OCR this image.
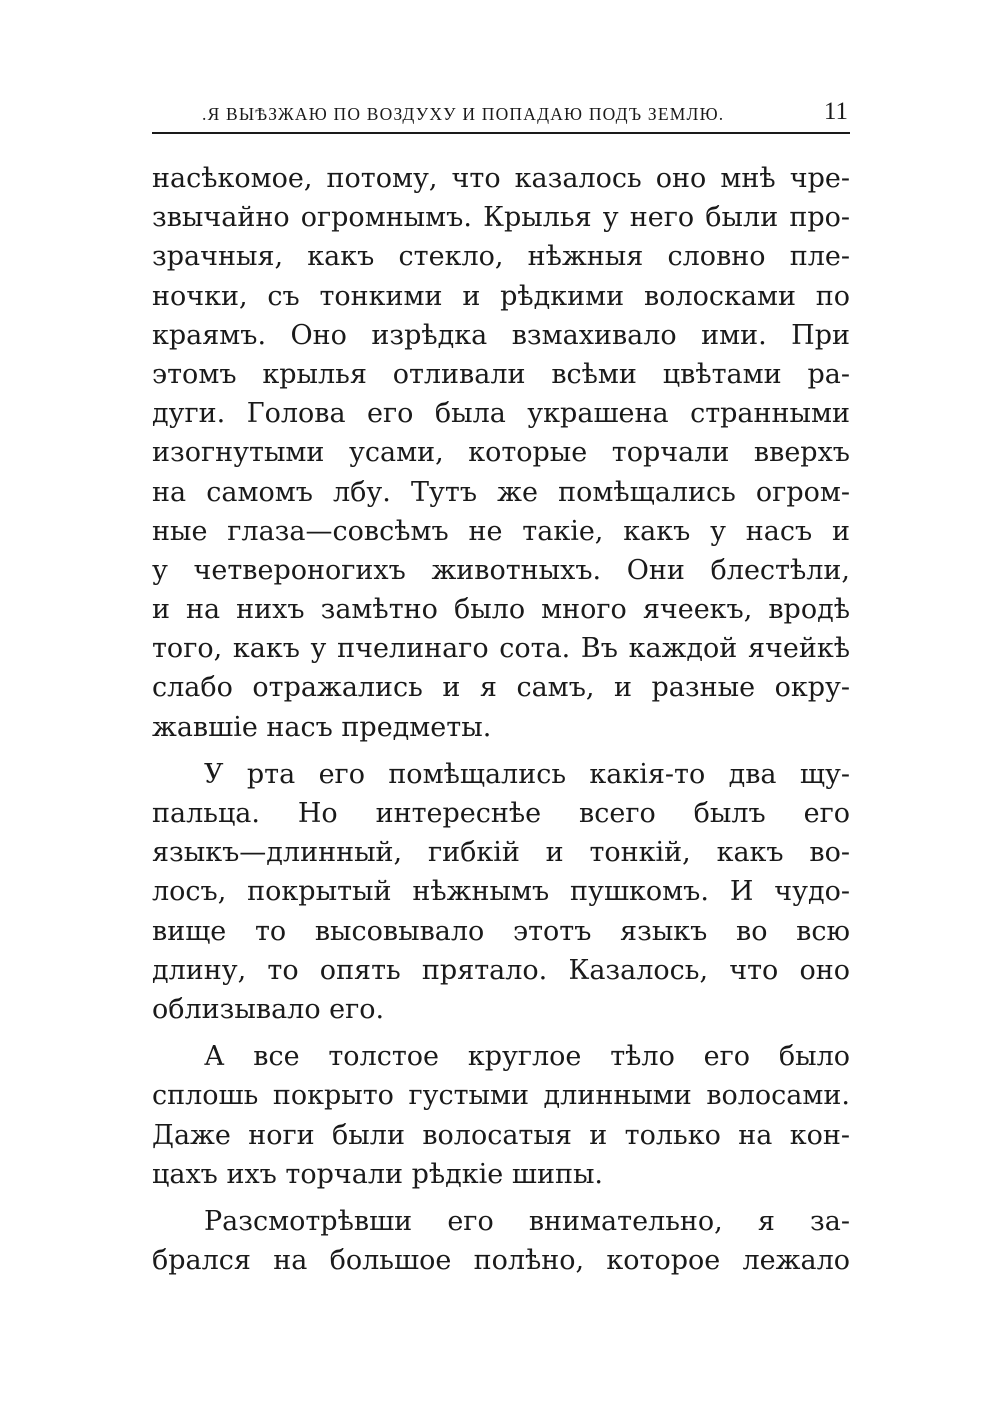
.Я ВЫѢЗЖАЮ ПО ВОЗДУХУ И ПОПАДАЮ ПОДЪ ЗЕМЛЮ.	11
насѣкомое, потому, что казалось оно мнѣ чре-
звычайно огромнымъ. Крылья у него были про-
зрачныя, какъ стекло, нѣжныя словно пле-
ночки, съ тонкими и рѣдкими волосками по
краямъ. Оно изрѣдка взмахивало ими. При
этомъ крылья отливали всѣми цвѣтами ра-
дуги. Голова его была украшена странными
изогнутыми усами, которые торчали вверхъ
на самомъ лбу. Тутъ же помѣщались огром-
ные глаза—совсѣмъ не такіе, какъ у насъ и
у четвероногихъ животныхъ. Они блестѣли,
и на нихъ замѣтно было много ячеекъ, вродѣ
того, какъ у пчелинаго сота. Въ каждой ячейкѣ
слабо отражались и я самъ, и разные окру-
жавшіе насъ предметы.
У рта его помѣщались какія-то два щу-
пальца. Но интереснѣе всего былъ его
языкъ—длинный, гибкій и тонкій, какъ во-
лосъ, покрытый нѣжнымъ пушкомъ. И чудо-
вище то высовывало этотъ языкъ во всю
длину, то опять прятало. Казалось, что оно
облизывало его.
А все толстое круглое тѣло его было
сплошь покрыто густыми длинными волосами.
Даже ноги были волосатыя и только на кон-
цахъ ихъ торчали рѣдкіе шипы.
Разсмотрѣвши его внимательно, я за-
брался на большое полѣно, которое лежало
